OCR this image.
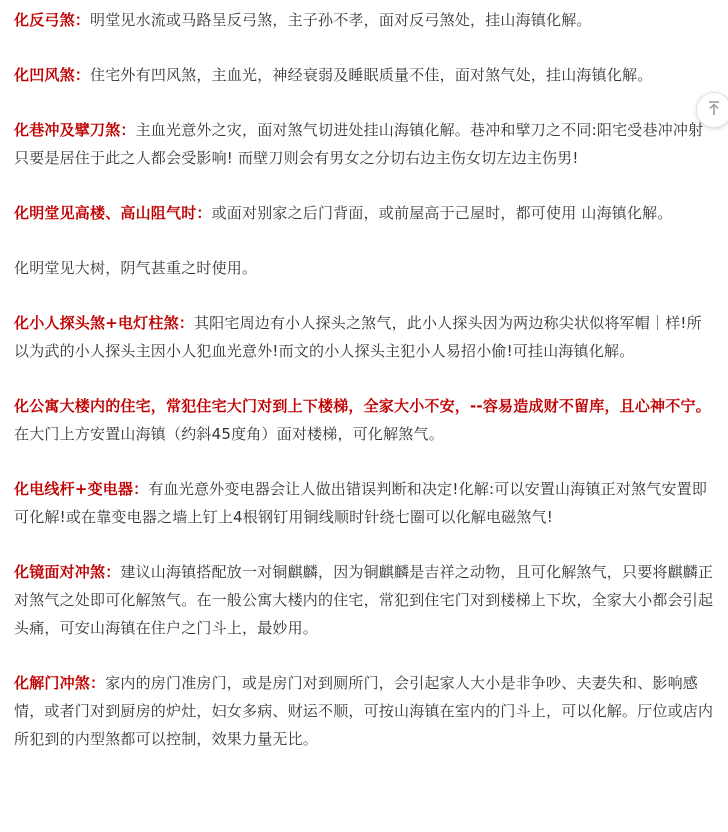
化反弓煞：明堂见水流或马路呈反弓煞，主子孙不孝，面对反弓煞处，挂山海镇化解。

化凹风煞：住宅外有凹风煞，主血光，神经衰弱及睡眠质量不佳，面对煞气处，挂山海镇化解。

化巷冲及擘刀煞：主血光意外之灾，面对煞气切进处挂山海镇化解。巷冲和擘刀之不同:阳宅受巷冲冲射只要是居住于此之人都会受影响! 而壁刀则会有男女之分切右边主伤女切左边主伤男!

化明堂见高楼、高山阻气时：或面对别家之后门背面，或前屋高于己屋时，都可使用 山海镇化解。

化明堂见大树，阴气甚重之时使用。

化小人探头煞+电灯柱煞：其阳宅周边有小人探头之煞气，此小人探头因为两边称尖状似将军帽｜样!所以为武的小人探头主因小人犯血光意外!而文的小人探头主犯小人易招小偷!可挂山海镇化解。

化公寓大楼内的住宅，常犯住宅大门对到上下楼梯，全家大小不安，--容易造成财不留库，且心神不宁。在大门上方安置山海镇（约斜45度角）面对楼梯，可化解煞气。

化电线杆+变电器：有血光意外变电器会让人做出错误判断和决定!化解:可以安置山海镇正对煞气安置即可化解!或在靠变电器之墙上钉上4根钢钉用铜线顺时针绕七圈可以化解电磁煞气!

化镜面对冲煞：建议山海镇搭配放一对铜麒麟，因为铜麒麟是吉祥之动物，且可化解煞气，只要将麒麟正对煞气之处即可化解煞气。在一般公寓大楼内的住宅，常犯到住宅门对到楼梯上下坎，全家大小都会引起头痛，可安山海镇在住户之门斗上，最妙用。

化解门冲煞：家内的房门准房门，或是房门对到厕所门，会引起家人大小是非争吵、夫妻失和、影响感情，或者门对到厨房的炉灶，妇女多病、财运不顺，可按山海镇在室内的门斗上，可以化解。厅位或店内所犯到的内型煞都可以控制，效果力量无比。
